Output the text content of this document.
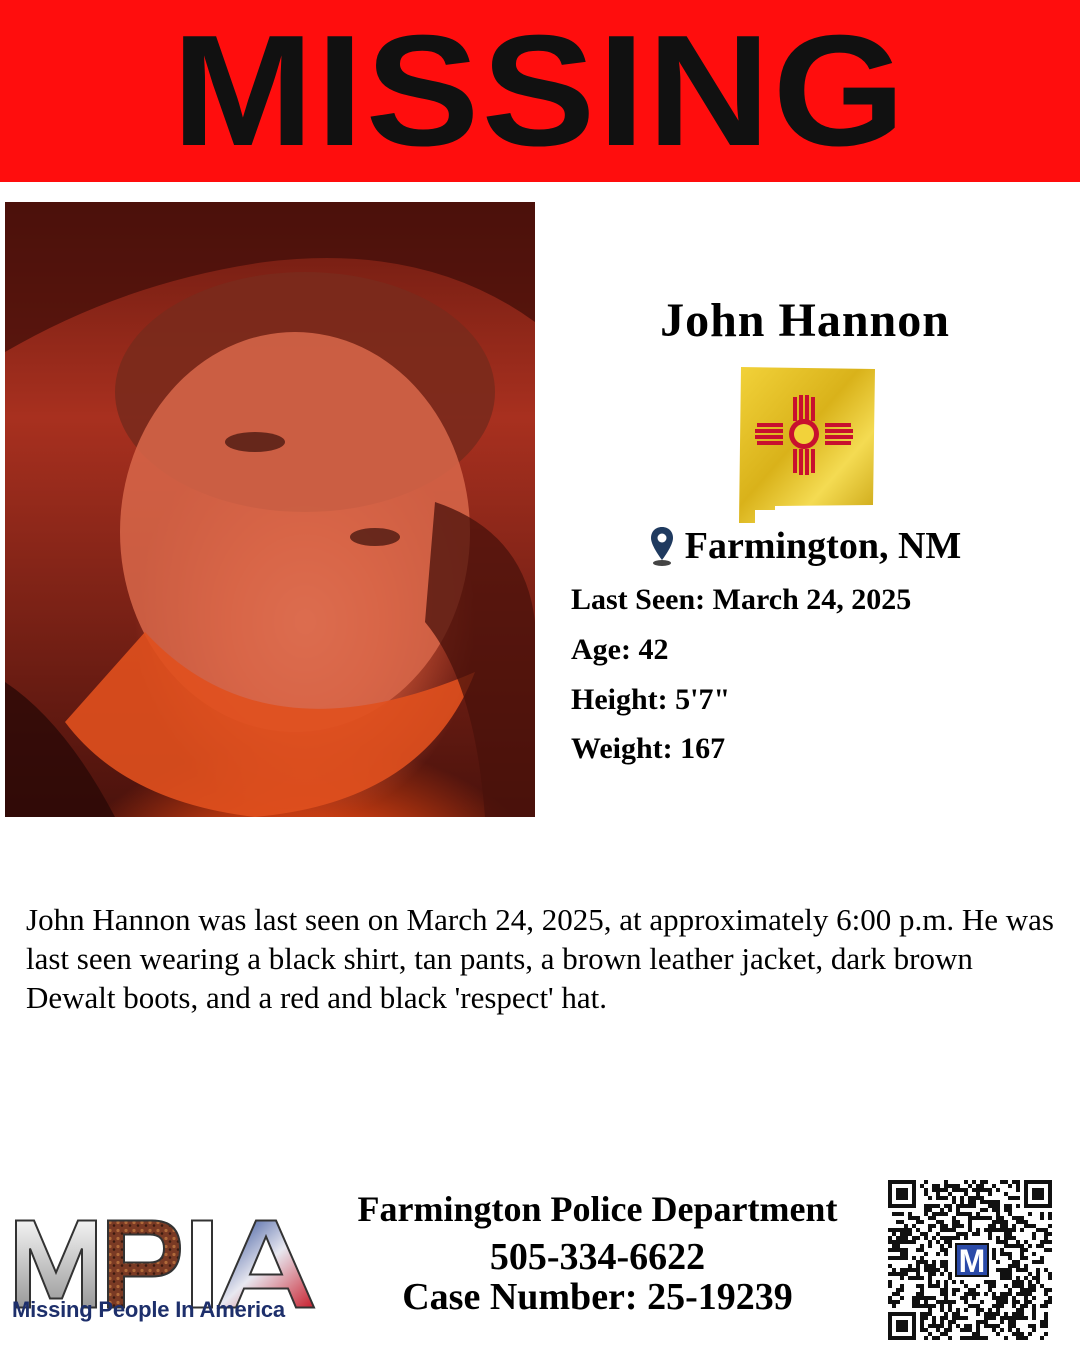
MISSING
John Hannon
Farmington, NM
Last Seen: March 24, 2025
Age: 42
Height: 5'7"
Weight: 167
John Hannon was last seen on March 24, 2025, at approximately 6:00 p.m. He was last seen wearing a black shirt, tan pants, a brown leather jacket, dark brown Dewalt boots, and a red and black 'respect' hat.
Missing People In America
Farmington Police Department
505-334-6622
Case Number: 25-19239
M
